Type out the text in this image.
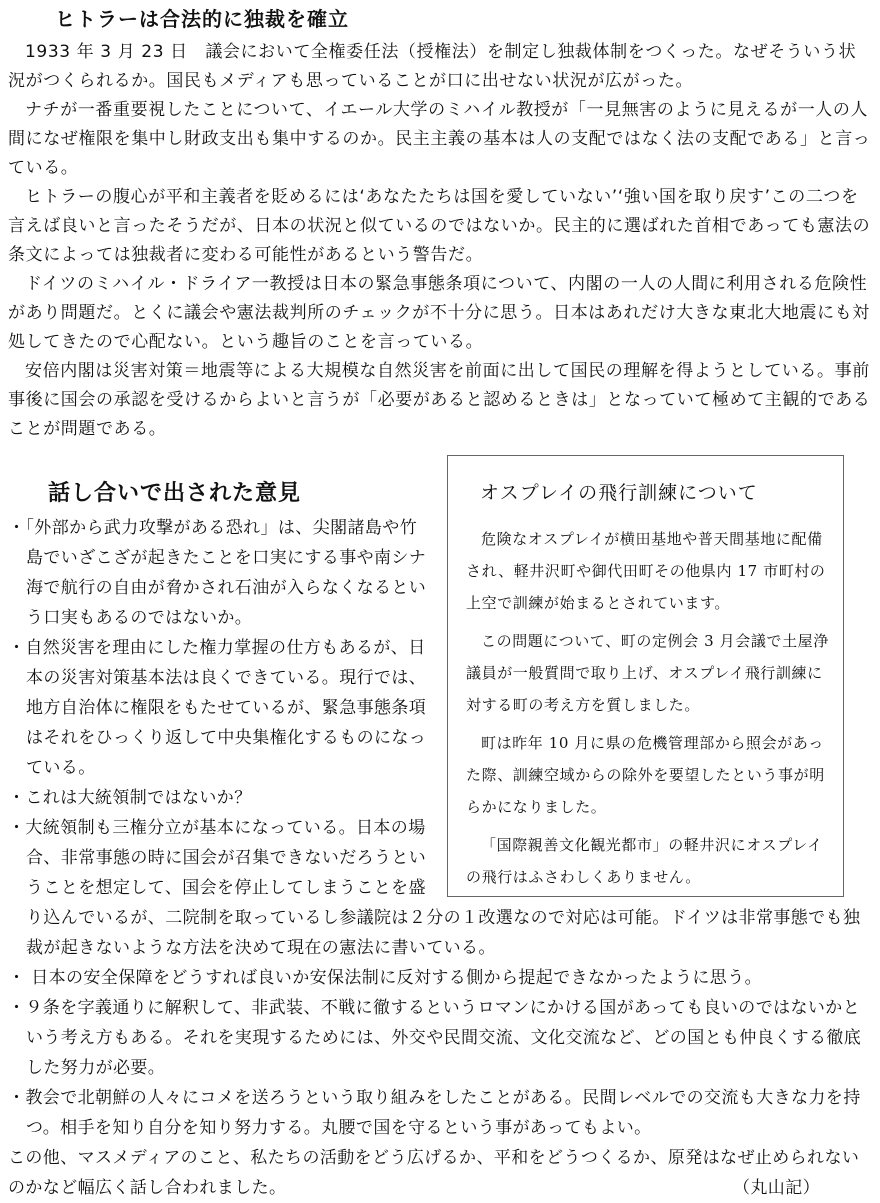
ヒトラーは合法的に独裁を確立

1933 年 3 月 23 日　議会において全権委任法（授権法）を制定し独裁体制をつくった。なぜそういう状況がつくられるか。国民もメディアも思っていることが口に出せない状況が広がった。

ナチが一番重要視したことについて、イエール大学のミハイル教授が「一見無害のように見えるが一人の人間になぜ権限を集中し財政支出も集中するのか。民主主義の基本は人の支配ではなく法の支配である」と言っている。

ヒトラーの腹心が平和主義者を貶めるには‘あなたたちは国を愛していない’‘強い国を取り戻す’この二つを言えば良いと言ったそうだが、日本の状況と似ているのではないか。民主的に選ばれた首相であっても憲法の条文によっては独裁者に変わる可能性があるという警告だ。

ドイツのミハイル・ドライア一教授は日本の緊急事態条項について、内閣の一人の人間に利用される危険性があり問題だ。とくに議会や憲法裁判所のチェックが不十分に思う。日本はあれだけ大きな東北大地震にも対処してきたので心配ない。という趣旨のことを言っている。

安倍内閣は災害対策＝地震等による大規模な自然災害を前面に出して国民の理解を得ようとしている。事前事後に国会の承認を受けるからよいと言うが「必要があると認めるときは」となっていて極めて主観的であることが問題である。

話し合いで出された意見

・「外部から武力攻撃がある恐れ」は、尖閣諸島や竹島でいざこざが起きたことを口実にする事や南シナ海で航行の自由が脅かされ石油が入らなくなるという口実もあるのではないか。

・自然災害を理由にした権力掌握の仕方もあるが、日本の災害対策基本法は良くできている。現行では、地方自治体に権限をもたせているが、緊急事態条項はそれをひっくり返して中央集権化するものになっている。

・これは大統領制ではないか？

・大統領制も三権分立が基本になっている。日本の場合、非常事態の時に国会が召集できないだろうということを想定して、国会を停止してしまうことを盛り込んでいるが、二院制を取っているし参議院は２分の１改選なので対応は可能。ドイツは非常事態でも独裁が起きないような方法を決めて現在の憲法に書いている。

・ 日本の安全保障をどうすれば良いか安保法制に反対する側から提起できなかったように思う。

・９条を字義通りに解釈して、非武装、不戦に徹するというロマンにかける国があっても良いのではないかという考え方もある。それを実現するためには、外交や民間交流、文化交流など、どの国とも仲良くする徹底した努力が必要。

・教会で北朝鮮の人々にコメを送ろうという取り組みをしたことがある。民間レベルでの交流も大きな力を持つ。相手を知り自分を知り努力する。丸腰で国を守るという事があってもよい。

この他、マスメディアのこと、私たちの活動をどう広げるか、平和をどうつくるか、原発はなぜ止められないのかなど幅広く話し合われました。	（丸山記）

オスプレイの飛行訓練について

危険なオスプレイが横田基地や普天間基地に配備され、軽井沢町や御代田町その他県内 17 市町村の上空で訓練が始まるとされています。

この問題について、町の定例会 3 月会議で土屋浄議員が一般質問で取り上げ、オスプレイ飛行訓練に対する町の考え方を質しました。

町は昨年 10 月に県の危機管理部から照会があった際、訓練空域からの除外を要望したという事が明らかになりました。

「国際親善文化観光都市」の軽井沢にオスプレイの飛行はふさわしくありません。
